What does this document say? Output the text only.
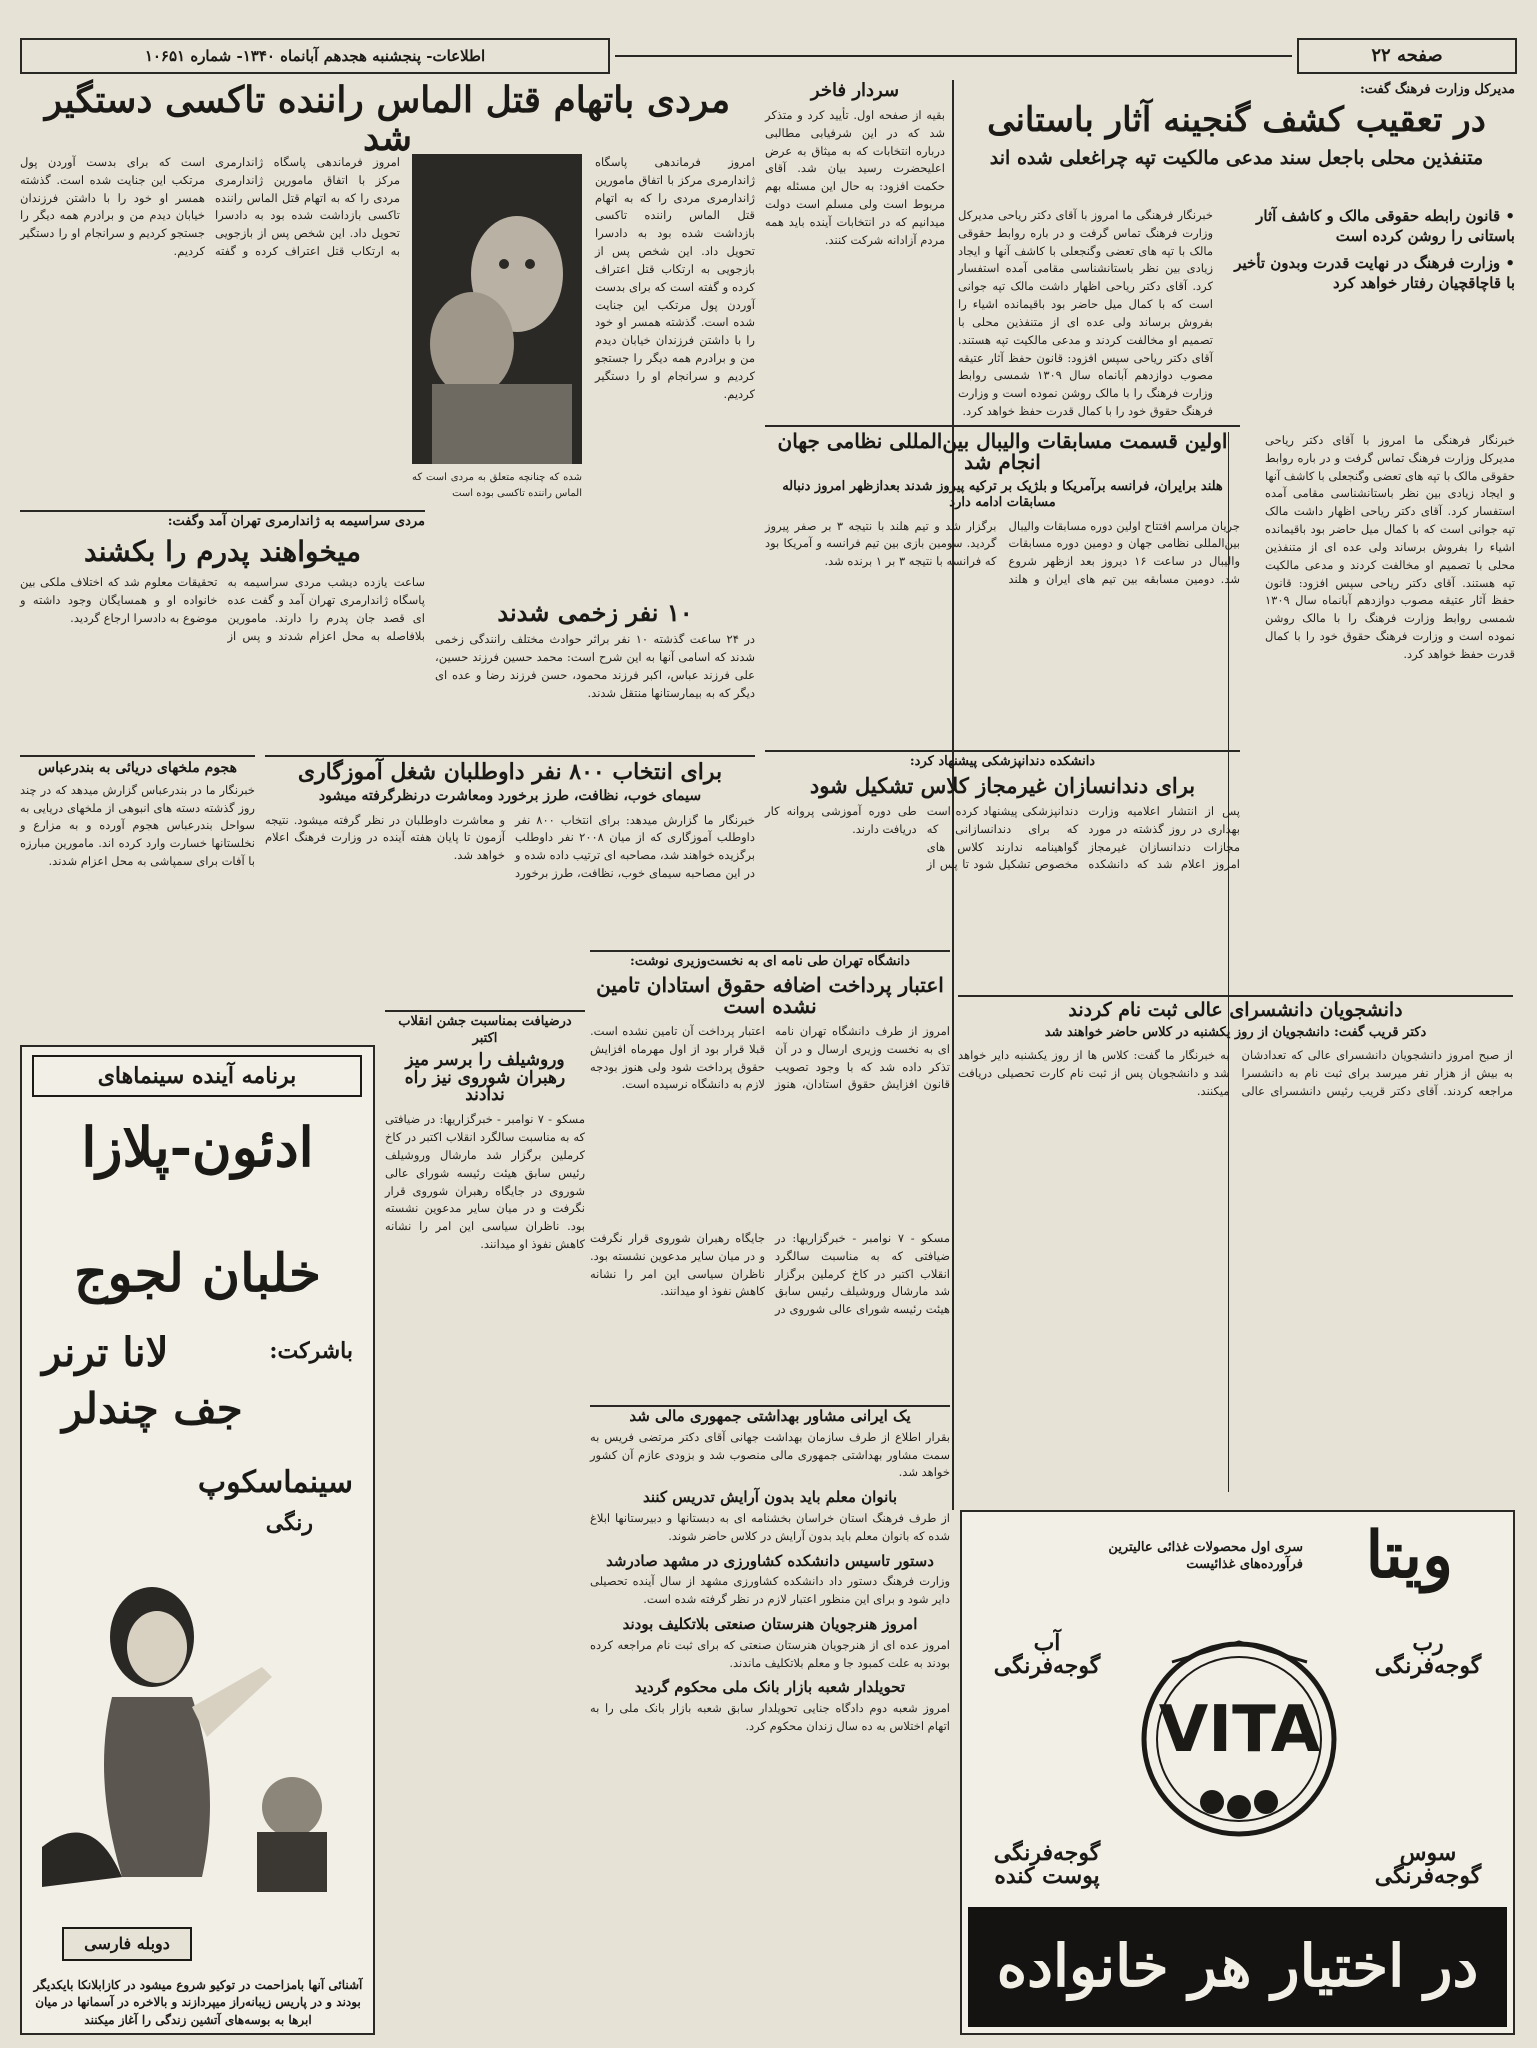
صفحه ۲۲
اطلاعات- پنجشنبه هجدهم آبانماه ۱۳۴۰- شماره ۱۰۶۵۱
مدیرکل وزارت فرهنگ گفت:
در تعقیب کشف گنجینه آثار باستانی
متنفذین محلی باجعل سند مدعی مالکیت تپه چراغعلی شده اند
• قانون رابطه حقوقی مالک و کاشف آثار باستانی را روشن کرده است
• وزارت فرهنگ در نهایت قدرت وبدون تأخیر با قاچاقچیان رفتار خواهد کرد
خبرنگار فرهنگی ما امروز با آقای دکتر ریاحی مدیرکل وزارت فرهنگ تماس گرفت و در باره روابط حقوقی مالک با تپه های تعضی وگنجعلی با کاشف آنها و ایجاد زیادی بین نظر باستانشناسی مقامی آمده استفسار کرد. آقای دکتر ریاحی اظهار داشت مالک تپه جوانی است که با کمال میل حاضر بود باقیمانده اشیاء را بفروش برساند ولی عده ای از متنفذین محلی با تصمیم او مخالفت کردند و مدعی مالکیت تپه هستند. آقای دکتر ریاحی سپس افزود: قانون حفظ آثار عتیقه مصوب دوازدهم آبانماه سال ۱۳۰۹ شمسی روابط وزارت فرهنگ را با مالک روشن نموده است و وزارت فرهنگ حقوق خود را با کمال قدرت حفظ خواهد کرد.
خبرنگار فرهنگی ما امروز با آقای دکتر ریاحی مدیرکل وزارت فرهنگ تماس گرفت و در باره روابط حقوقی مالک با تپه های تعضی وگنجعلی با کاشف آنها و ایجاد زیادی بین نظر باستانشناسی مقامی آمده استفسار کرد. آقای دکتر ریاحی اظهار داشت مالک تپه جوانی است که با کمال میل حاضر بود باقیمانده اشیاء را بفروش برساند ولی عده ای از متنفذین محلی با تصمیم او مخالفت کردند و مدعی مالکیت تپه هستند. آقای دکتر ریاحی سپس افزود: قانون حفظ آثار عتیقه مصوب دوازدهم آبانماه سال ۱۳۰۹ شمسی روابط وزارت فرهنگ را با مالک روشن نموده است و وزارت فرهنگ حقوق خود را با کمال قدرت حفظ خواهد کرد.
اولین قسمت مسابقات والیبال بین‌المللی نظامی جهان انجام شد
هلند برایران، فرانسه برآمریکا و بلژیک بر ترکیه پیروز شدند بعدازظهر امروز دنباله مسابقات ادامه دارد
جریان مراسم افتتاح اولین دوره مسابقات والیبال بین‌المللی نظامی جهان و دومین دوره مسابقات والیبال در ساعت ۱۶ دیروز بعد ازظهر شروع شد. دومین مسابقه بین تیم های ایران و هلند برگزار شد و تیم هلند با نتیجه ۳ بر صفر پیروز گردید. سومین بازی بین تیم فرانسه و آمریکا بود که فرانسه با نتیجه ۳ بر ۱ برنده شد.
سردار فاخر
بقیه از صفحه اول. تأیید کرد و متذکر شد که در این شرفیابی مطالبی درباره انتخابات که به میثاق به عرض اعلیحضرت رسید بیان شد. آقای حکمت افزود: به حال این مسئله بهم مربوط است ولی مسلم است دولت میدانیم که در انتخابات آینده باید همه مردم آزادانه شرکت کنند.
دانشکده دندانپزشکی پیشنهاد کرد:
برای دندانسازان غیرمجاز کلاس تشکیل شود
پس از انتشار اعلامیه وزارت بهداری در روز گذشته در مورد مجازات دندانسازان غیرمجاز امروز اعلام شد که دانشکده دندانپزشکی پیشنهاد کرده است که برای دندانسازانی که گواهینامه ندارند کلاس های مخصوص تشکیل شود تا پس از طی دوره آموزشی پروانه کار دریافت دارند.
دانشجویان دانشسرای عالی ثبت نام کردند
دکتر قریب گفت: دانشجویان از روز یکشنبه در کلاس حاضر خواهند شد
از صبح امروز دانشجویان دانشسرای عالی که تعدادشان به بیش از هزار نفر میرسد برای ثبت نام به دانشسرا مراجعه کردند. آقای دکتر قریب رئیس دانشسرای عالی به خبرنگار ما گفت: کلاس ها از روز یکشنبه دایر خواهد شد و دانشجویان پس از ثبت نام کارت تحصیلی دریافت میکنند.
مردی باتهام قتل الماس راننده تاکسی دستگیر شد
شده که چنانچه متعلق به مردی است که الماس راننده تاکسی بوده است
امروز فرماندهی پاسگاه ژاندارمری مرکز با اتفاق مامورین ژاندارمری مردی را که به اتهام قتل الماس راننده تاکسی بازداشت شده بود به دادسرا تحویل داد. این شخص پس از بازجویی به ارتکاب قتل اعتراف کرده و گفته است که برای بدست آوردن پول مرتکب این جنایت شده است. گذشته همسر او خود را با داشتن فرزندان خیابان دیدم من و برادرم همه دیگر را جستجو کردیم و سرانجام او را دستگیر کردیم.
امروز فرماندهی پاسگاه ژاندارمری مرکز با اتفاق مامورین ژاندارمری مردی را که به اتهام قتل الماس راننده تاکسی بازداشت شده بود به دادسرا تحویل داد. این شخص پس از بازجویی به ارتکاب قتل اعتراف کرده و گفته است که برای بدست آوردن پول مرتکب این جنایت شده است. گذشته همسر او خود را با داشتن فرزندان خیابان دیدم من و برادرم همه دیگر را جستجو کردیم و سرانجام او را دستگیر کردیم.
مردی سراسیمه به ژاندارمری تهران آمد وگفت:
میخواهند پدرم را بکشند
ساعت یازده دیشب مردی سراسیمه به پاسگاه ژاندارمری تهران آمد و گفت عده ای قصد جان پدرم را دارند. مامورین بلافاصله به محل اعزام شدند و پس از تحقیقات معلوم شد که اختلاف ملکی بین خانواده او و همسایگان وجود داشته و موضوع به دادسرا ارجاع گردید.	۱۰ نفر زخمی شدند
در ۲۴ ساعت گذشته ۱۰ نفر براثر حوادث مختلف رانندگی زخمی شدند که اسامی آنها به این شرح است: محمد حسین فرزند حسین، علی فرزند عباس، اکبر فرزند محمود، حسن فرزند رضا و عده ای دیگر که به بیمارستانها منتقل شدند.
هجوم ملخهای دریائی به بندرعباس
خبرنگار ما در بندرعباس گزارش میدهد که در چند روز گذشته دسته های انبوهی از ملخهای دریایی به سواحل بندرعباس هجوم آورده و به مزارع و نخلستانها خسارت وارد کرده اند. مامورین مبارزه با آفات برای سمپاشی به محل اعزام شدند.
برای انتخاب ۸۰۰ نفر داوطلبان شغل آموزگاری
سیمای خوب، نظافت، طرز برخورد ومعاشرت درنظرگرفته میشود
خبرنگار ما گزارش میدهد: برای انتخاب ۸۰۰ نفر داوطلب آموزگاری که از میان ۲۰۰۸ نفر داوطلب برگزیده خواهند شد، مصاحبه ای ترتیب داده شده و در این مصاحبه سیمای خوب، نظافت، طرز برخورد و معاشرت داوطلبان در نظر گرفته میشود. نتیجه آزمون تا پایان هفته آینده در وزارت فرهنگ اعلام خواهد شد.
دانشگاه تهران طی نامه ای به نخست‌وزیری نوشت:
اعتبار پرداخت اضافه حقوق استادان تامین نشده است
امروز از طرف دانشگاه تهران نامه ای به نخست وزیری ارسال و در آن تذکر داده شد که با وجود تصویب قانون افزایش حقوق استادان، هنوز اعتبار پرداخت آن تامین نشده است. قبلا قرار بود از اول مهرماه افزایش حقوق پرداخت شود ولی هنوز بودجه لازم به دانشگاه نرسیده است.
درضیافت بمناسبت جشن انقلاب اکتبر
وروشیلف را برسر میز رهبران شوروی نیز راه ندادند
مسکو - ۷ نوامبر - خبرگزاریها: در ضیافتی که به مناسبت سالگرد انقلاب اکتبر در کاخ کرملین برگزار شد مارشال وروشیلف رئیس سابق هیئت رئیسه شورای عالی شوروی در جایگاه رهبران شوروی قرار نگرفت و در میان سایر مدعوین نشسته بود. ناظران سیاسی این امر را نشانه کاهش نفوذ او میدانند.	مسکو - ۷ نوامبر - خبرگزاریها: در ضیافتی که به مناسبت سالگرد انقلاب اکتبر در کاخ کرملین برگزار شد مارشال وروشیلف رئیس سابق هیئت رئیسه شورای عالی شوروی در جایگاه رهبران شوروی قرار نگرفت و در میان سایر مدعوین نشسته بود. ناظران سیاسی این امر را نشانه کاهش نفوذ او میدانند.
یک ایرانی مشاور بهداشتی جمهوری مالی شد
بقرار اطلاع از طرف سازمان بهداشت جهانی آقای دکتر مرتضی فریس به سمت مشاور بهداشتی جمهوری مالی منصوب شد و بزودی عازم آن کشور خواهد شد.
بانوان معلم باید بدون آرایش تدریس کنند
از طرف فرهنگ استان خراسان بخشنامه ای به دبستانها و دبیرستانها ابلاغ شده که بانوان معلم باید بدون آرایش در کلاس حاضر شوند.
دستور تاسیس دانشکده کشاورزی در مشهد صادرشد
وزارت فرهنگ دستور داد دانشکده کشاورزی مشهد از سال آینده تحصیلی دایر شود و برای این منظور اعتبار لازم در نظر گرفته شده است.
امروز هنرجویان هنرستان صنعتی بلاتکلیف بودند
امروز عده ای از هنرجویان هنرستان صنعتی که برای ثبت نام مراجعه کرده بودند به علت کمبود جا و معلم بلاتکلیف ماندند.
تحویلدار شعبه بازار بانک ملی محکوم گردید
امروز شعبه دوم دادگاه جنایی تحویلدار سابق شعبه بازار بانک ملی را به اتهام اختلاس به ده سال زندان محکوم کرد.
برنامه آینده سینماهای
ادئون-پلازا
خلبان لجوج
باشرکت:
لانا ترنر
جف چندلر
سینماسکوپ
رنگی
دوبله فارسی
آشنائی آنها بامزاحمت در توکیو شروع میشود در کازابلانکا بایکدیگر بودند و در پاریس زیبانه‌راز میپردازند و بالاخره در آسمانها در میان ابرها به بوسه‌های آتشین زندگی را آغاز میکنند
سری اول محصولات غذائی عالیترین فرآورده‌های غذائیست ویتا
رب گوجه‌فرنگی
آب گوجه‌فرنگی
VITA
سوس گوجه‌فرنگی
گوجه‌فرنگی پوست کنده
در اختیار هر خانواده
